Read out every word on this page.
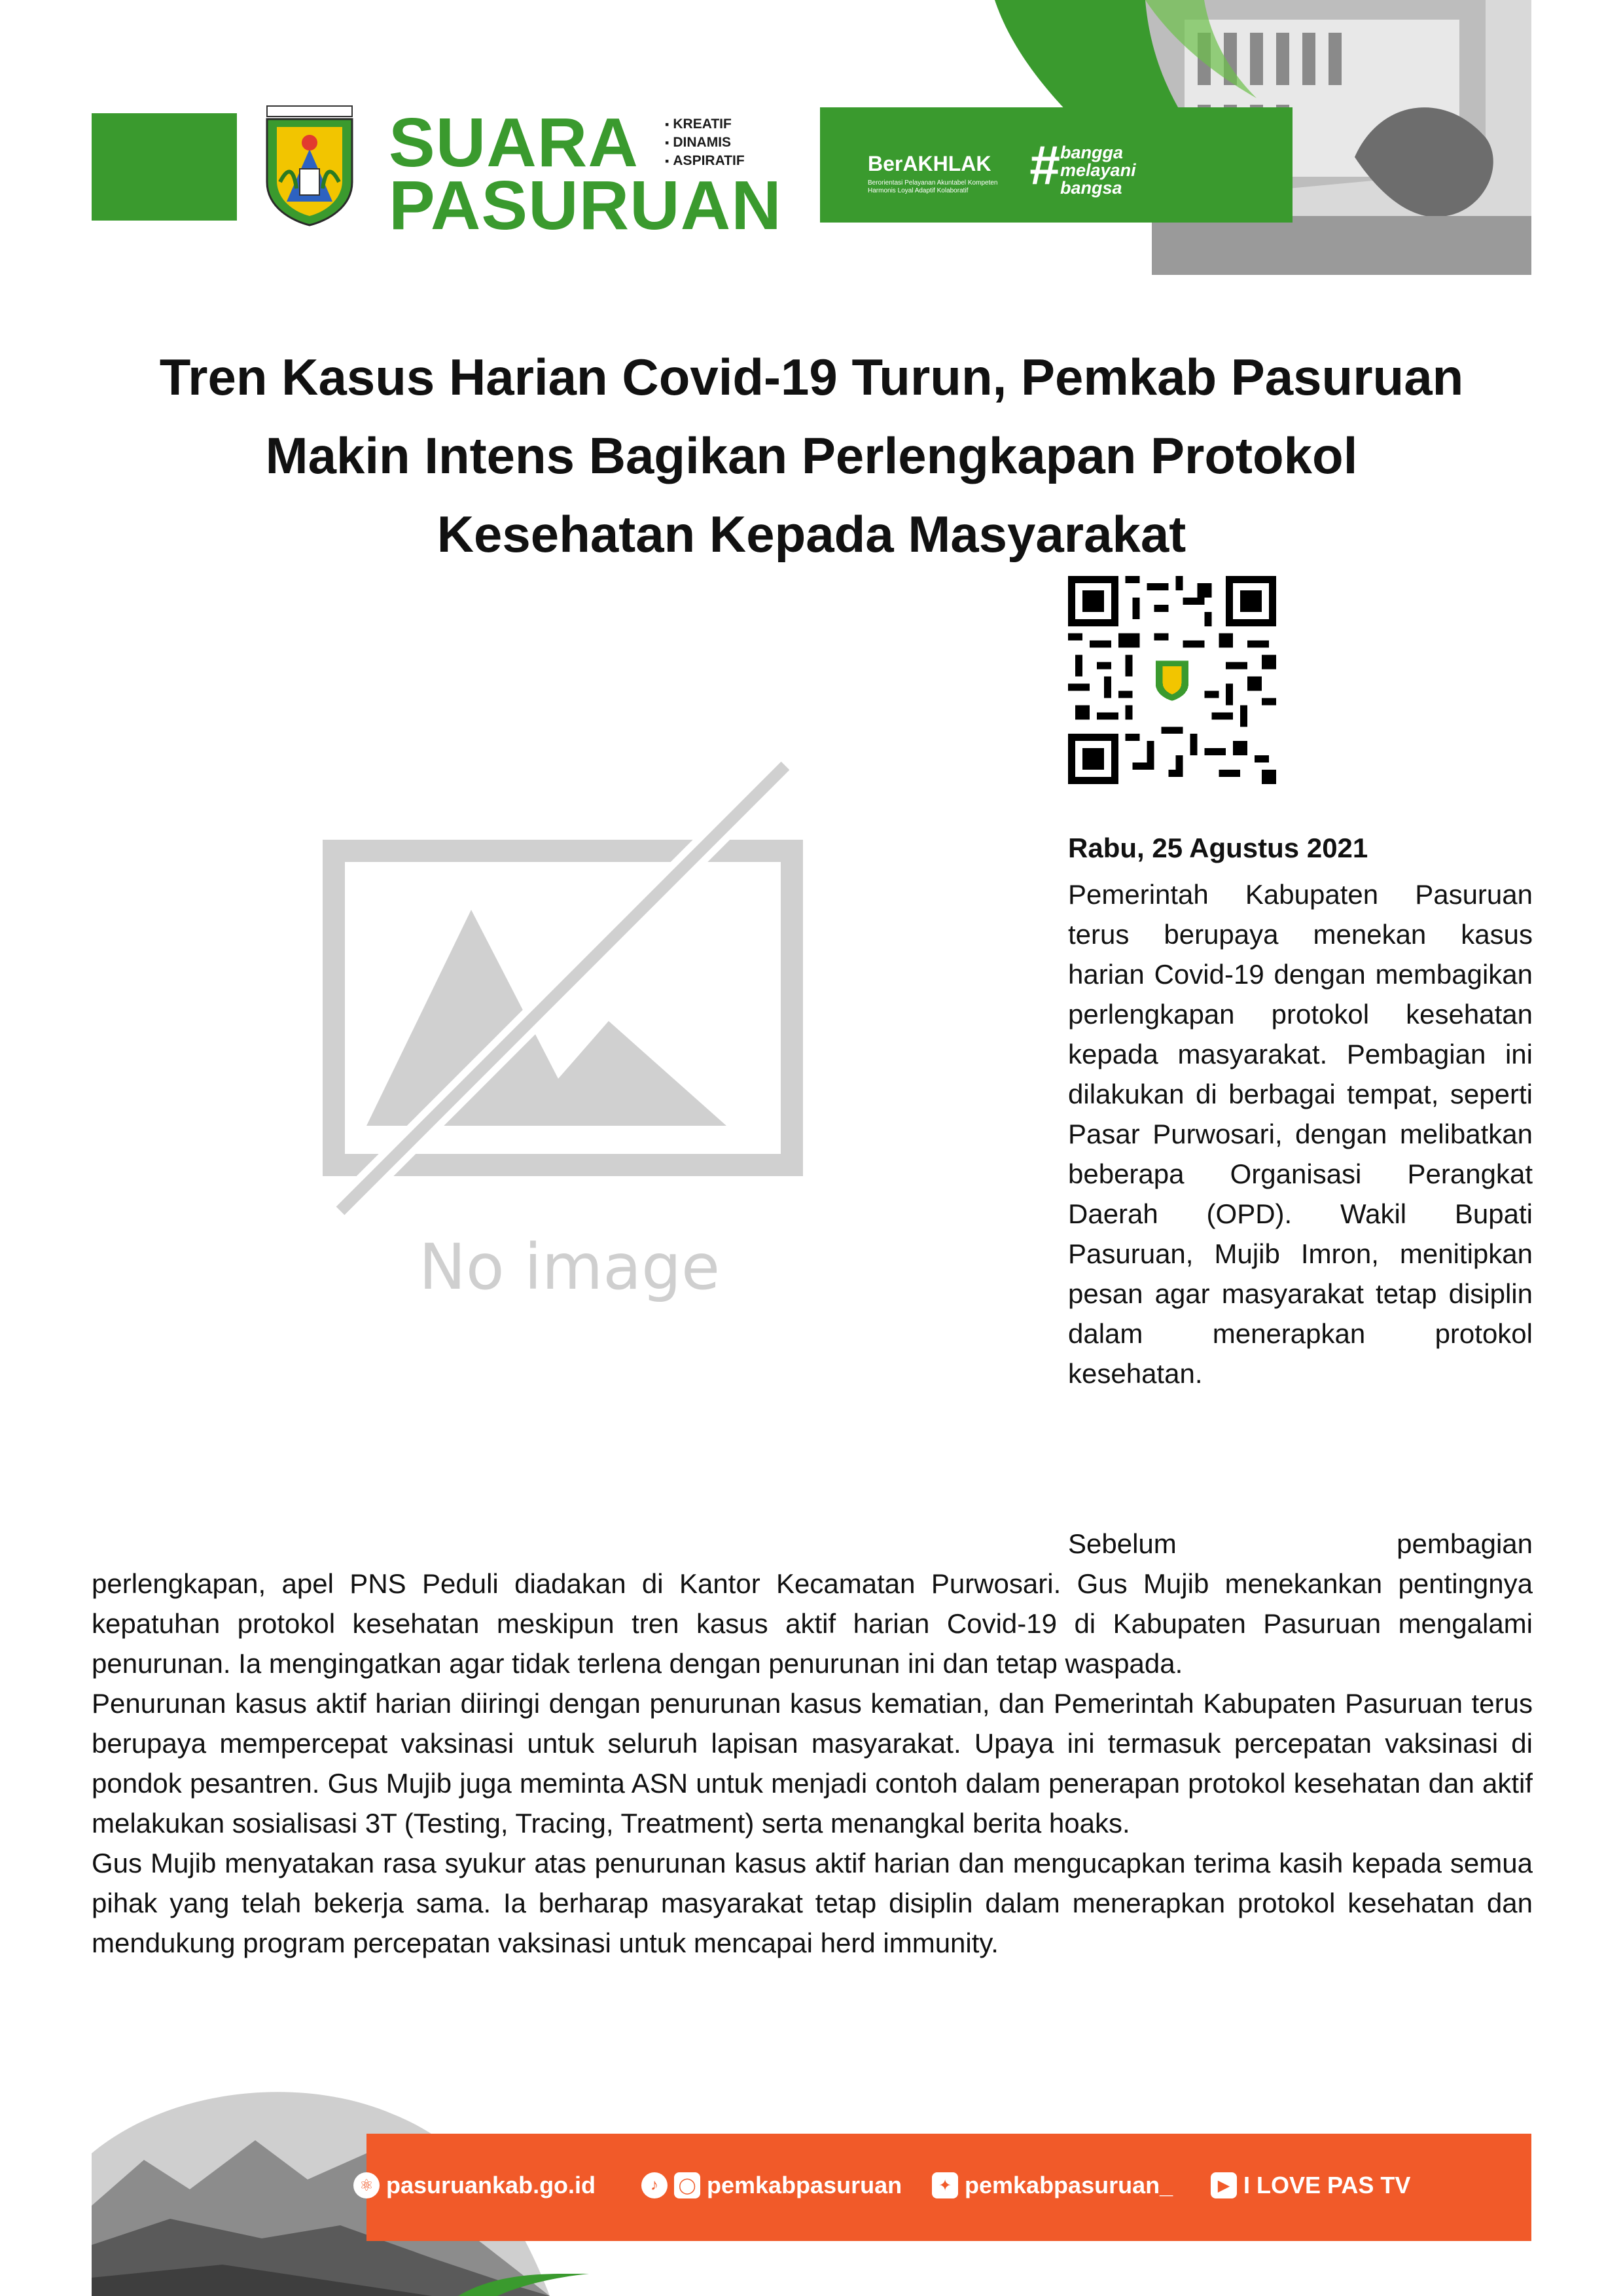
SUARA
PASURUAN
▪ KREATIF
▪ DINAMIS
▪ ASPIRATIF	BerAKHLAK
Berorientasi Pelayanan Akuntabel Kompeten Harmonis Loyal Adaptif Kolaboratif	# bangga
melayani
bangsa
Tren Kasus Harian Covid-19 Turun, Pemkab Pasuruan
Makin Intens Bagikan Perlengkapan Protokol
Kesehatan Kepada Masyarakat
No image
Rabu, 25 Agustus 2021

Pemerintah Kabupaten Pasuruan terus berupaya menekan kasus harian Covid-19 dengan membagikan perlengkapan protokol kesehatan kepada masyarakat. Pembagian ini dilakukan di berbagai tempat, seperti Pasar Purwosari, dengan melibatkan beberapa Organisasi Perangkat Daerah (OPD). Wakil Bupati Pasuruan, Mujib Imron, menitipkan pesan agar masyarakat tetap disiplin dalam menerapkan protokol kesehatan.

Sebelum	pembagian

perlengkapan, apel PNS Peduli diadakan di Kantor Kecamatan Purwosari. Gus Mujib menekankan pentingnya kepatuhan protokol kesehatan meskipun tren kasus aktif harian Covid-19 di Kabupaten Pasuruan mengalami penurunan. Ia mengingatkan agar tidak terlena dengan penurunan ini dan tetap waspada.

Penurunan kasus aktif harian diiringi dengan penurunan kasus kematian, dan Pemerintah Kabupaten Pasuruan terus berupaya mempercepat vaksinasi untuk seluruh lapisan masyarakat. Upaya ini termasuk percepatan vaksinasi di pondok pesantren. Gus Mujib juga meminta ASN untuk menjadi contoh dalam penerapan protokol kesehatan dan aktif melakukan sosialisasi 3T (Testing, Tracing, Treatment) serta menangkal berita hoaks.

Gus Mujib menyatakan rasa syukur atas penurunan kasus aktif harian dan mengucapkan terima kasih kepada semua pihak yang telah bekerja sama. Ia berharap masyarakat tetap disiplin dalam menerapkan protokol kesehatan dan mendukung program percepatan vaksinasi untuk mencapai herd immunity.

⚛ pasuruankab.go.id	♪	◯ pemkabpasuruan	✦ pemkabpasuruan_	▶ I LOVE PAS TV
